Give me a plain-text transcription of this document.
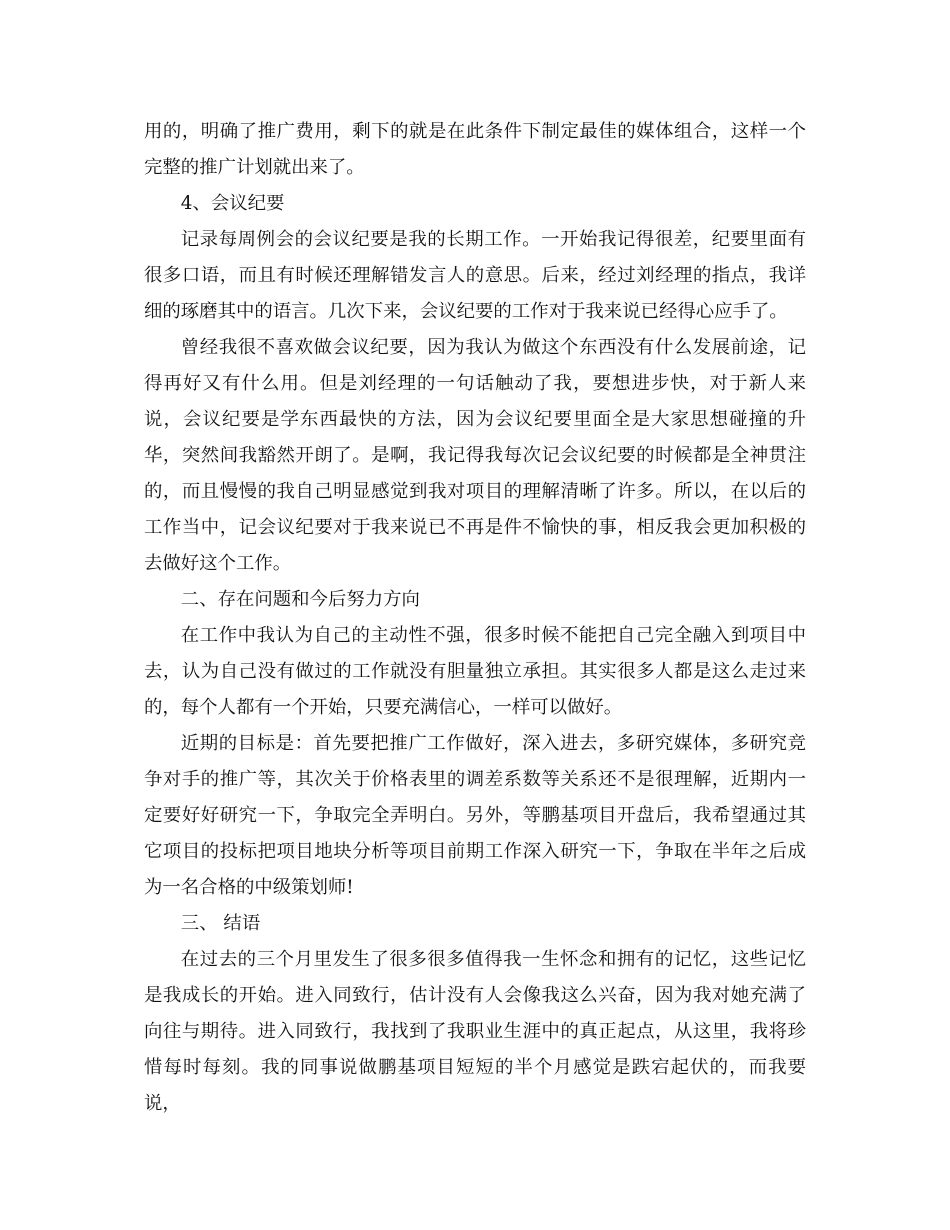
用的，明确了推广费用，剩下的就是在此条件下制定最佳的媒体组合，这样一个完整的推广计划就出来了。

4、会议纪要

记录每周例会的会议纪要是我的长期工作。一开始我记得很差，纪要里面有很多口语，而且有时候还理解错发言人的意思。后来，经过刘经理的指点，我详细的琢磨其中的语言。几次下来，会议纪要的工作对于我来说已经得心应手了。

曾经我很不喜欢做会议纪要，因为我认为做这个东西没有什么发展前途，记得再好又有什么用。但是刘经理的一句话触动了我，要想进步快，对于新人来说，会议纪要是学东西最快的方法，因为会议纪要里面全是大家思想碰撞的升华，突然间我豁然开朗了。是啊，我记得我每次记会议纪要的时候都是全神贯注的，而且慢慢的我自己明显感觉到我对项目的理解清晰了许多。所以，在以后的工作当中，记会议纪要对于我来说已不再是件不愉快的事，相反我会更加积极的去做好这个工作。

二、存在问题和今后努力方向

在工作中我认为自己的主动性不强，很多时候不能把自己完全融入到项目中去，认为自己没有做过的工作就没有胆量独立承担。其实很多人都是这么走过来的，每个人都有一个开始，只要充满信心，一样可以做好。

近期的目标是：首先要把推广工作做好，深入进去，多研究媒体，多研究竞争对手的推广等，其次关于价格表里的调差系数等关系还不是很理解，近期内一定要好好研究一下，争取完全弄明白。另外，等鹏基项目开盘后，我希望通过其它项目的投标把项目地块分析等项目前期工作深入研究一下，争取在半年之后成为一名合格的中级策划师!

三、 结语

在过去的三个月里发生了很多很多值得我一生怀念和拥有的记忆，这些记忆是我成长的开始。进入同致行，估计没有人会像我这么兴奋，因为我对她充满了向往与期待。进入同致行，我找到了我职业生涯中的真正起点，从这里，我将珍惜每时每刻。我的同事说做鹏基项目短短的半个月感觉是跌宕起伏的，而我要说，
